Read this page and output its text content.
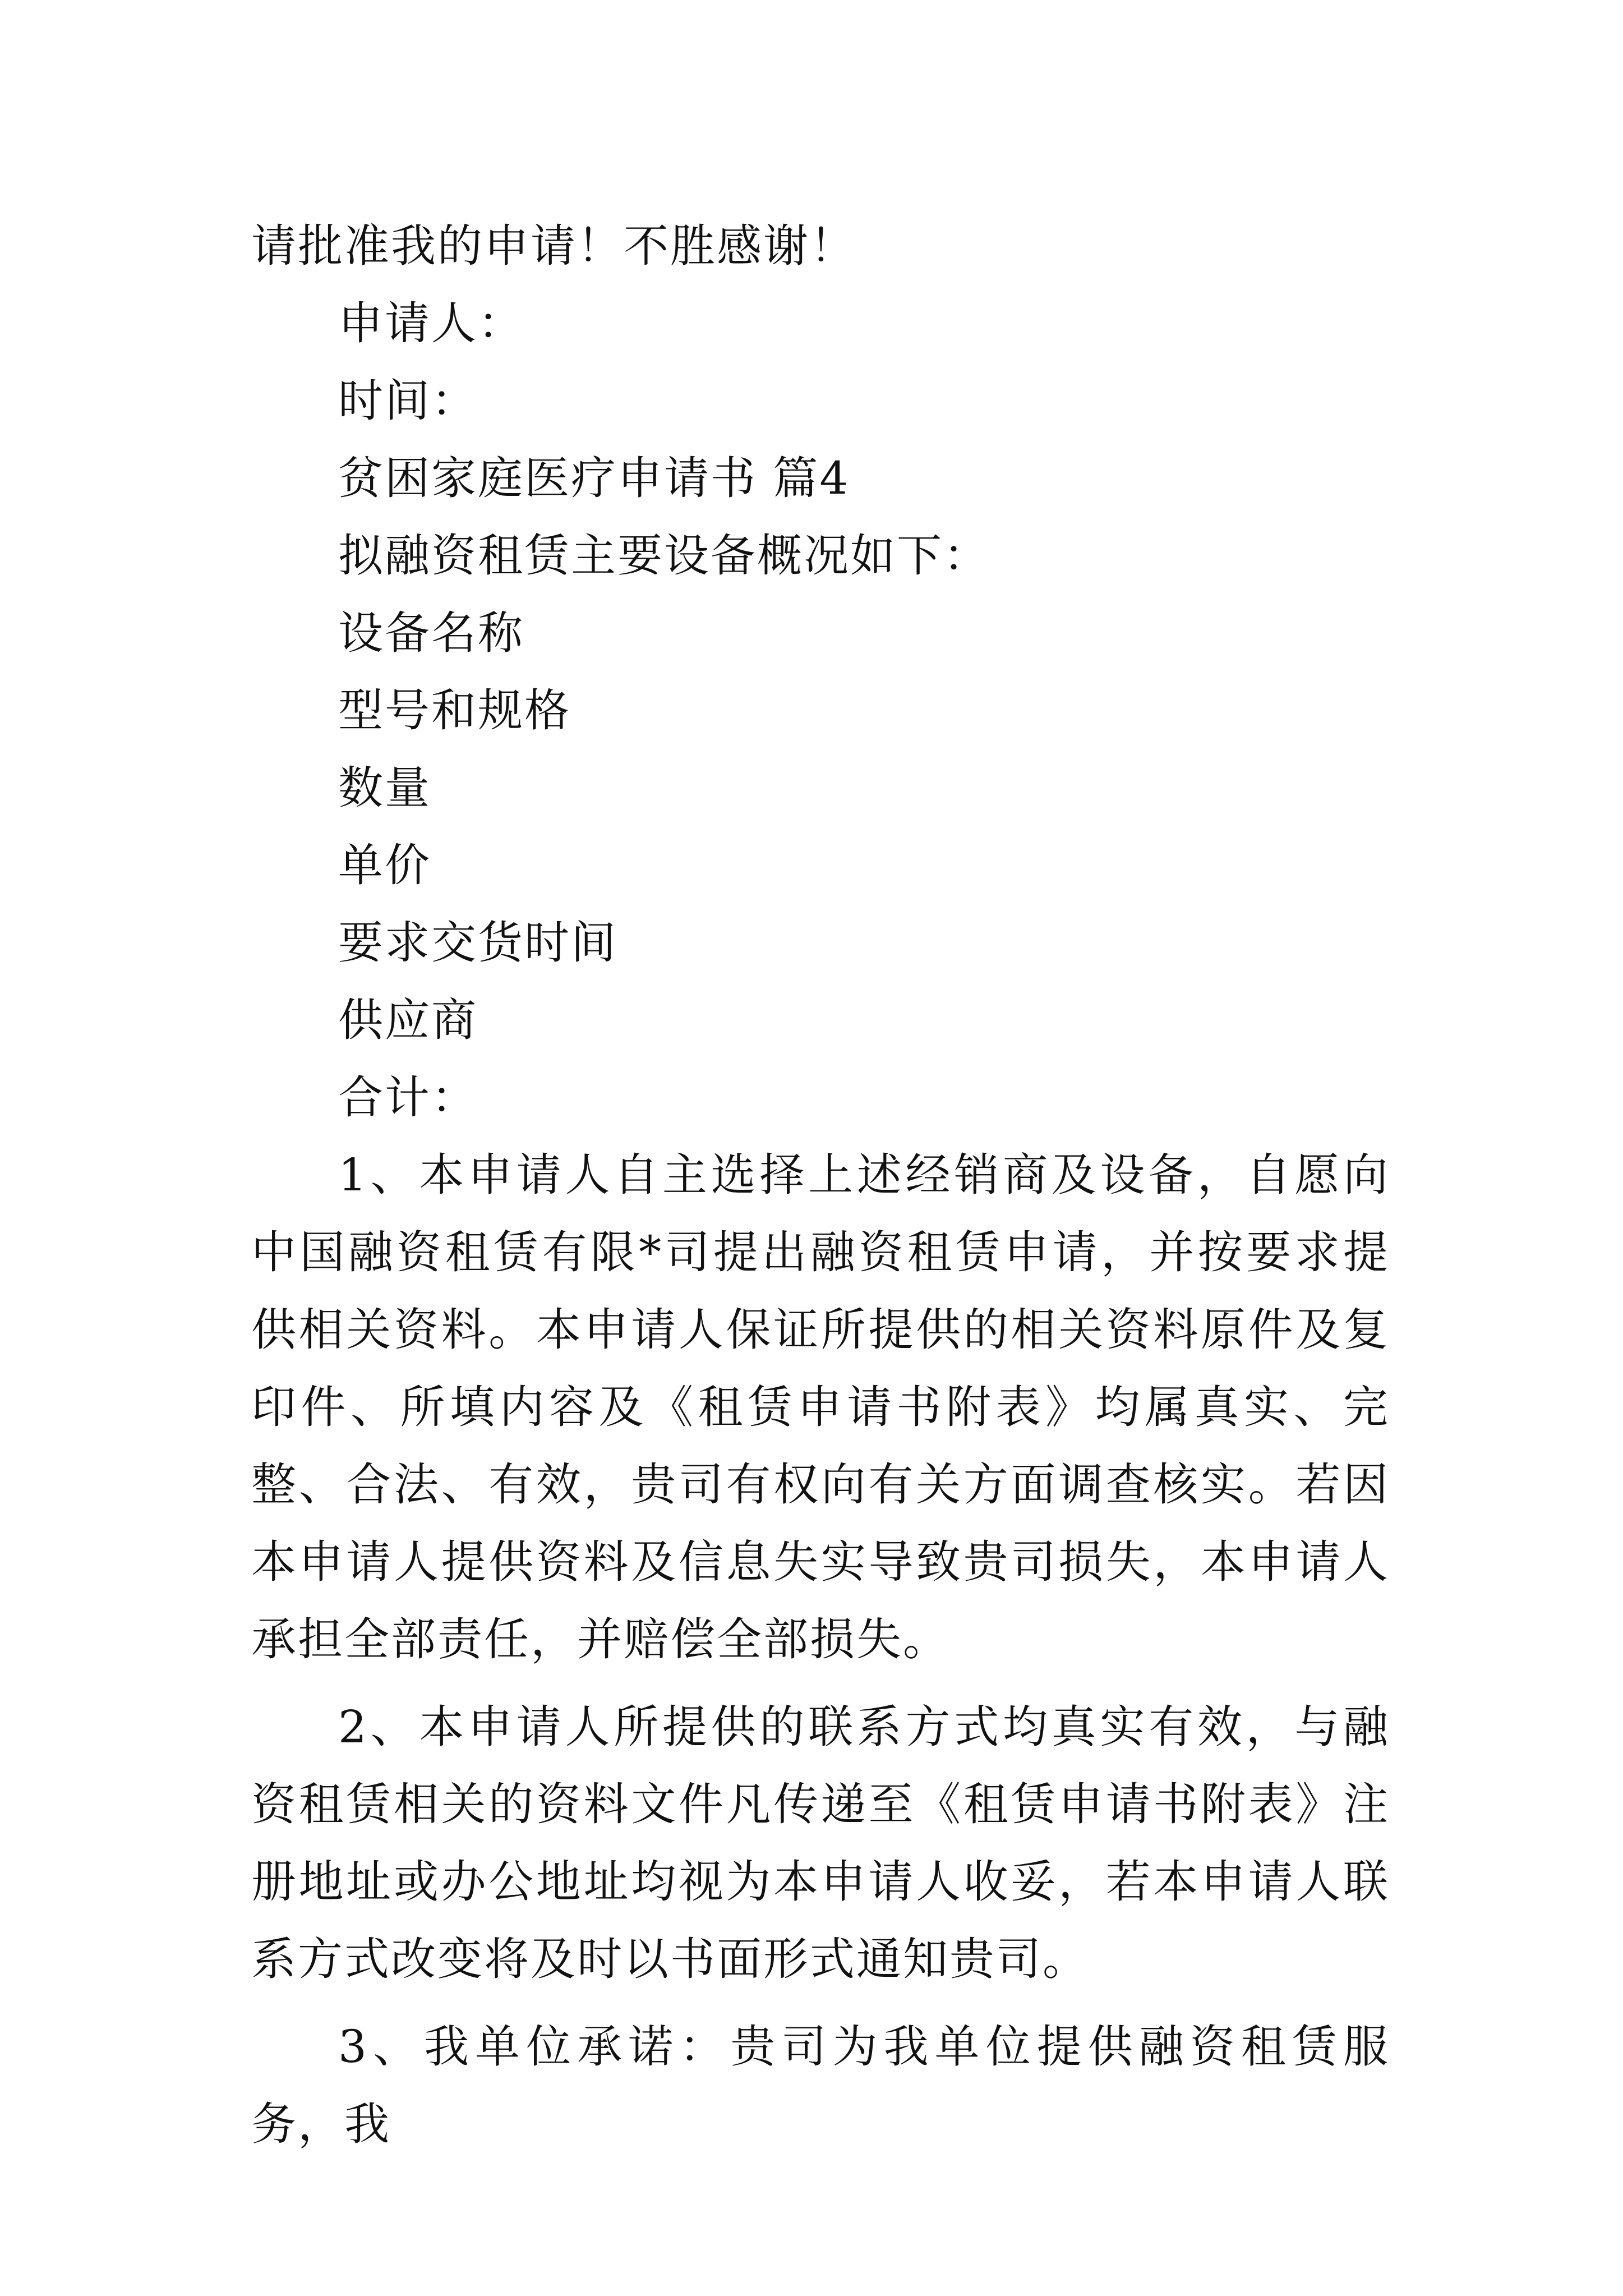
请批准我的申请！不胜感谢！
申请人：
时间：
贫困家庭医疗申请书 篇4
拟融资租赁主要设备概况如下：
设备名称
型号和规格
数量
单价
要求交货时间
供应商
合计：

1、本申请人自主选择上述经销商及设备，自愿向中国融资租赁有限*司提出融资租赁申请，并按要求提供相关资料。本申请人保证所提供的相关资料原件及复印件、所填内容及《租赁申请书附表》均属真实、完整、合法、有效，贵司有权向有关方面调查核实。若因本申请人提供资料及信息失实导致贵司损失，本申请人承担全部责任，并赔偿全部损失。

2、本申请人所提供的联系方式均真实有效，与融资租赁相关的资料文件凡传递至《租赁申请书附表》注册地址或办公地址均视为本申请人收妥，若本申请人联系方式改变将及时以书面形式通知贵司。

3、我单位承诺：贵司为我单位提供融资租赁服务，我
